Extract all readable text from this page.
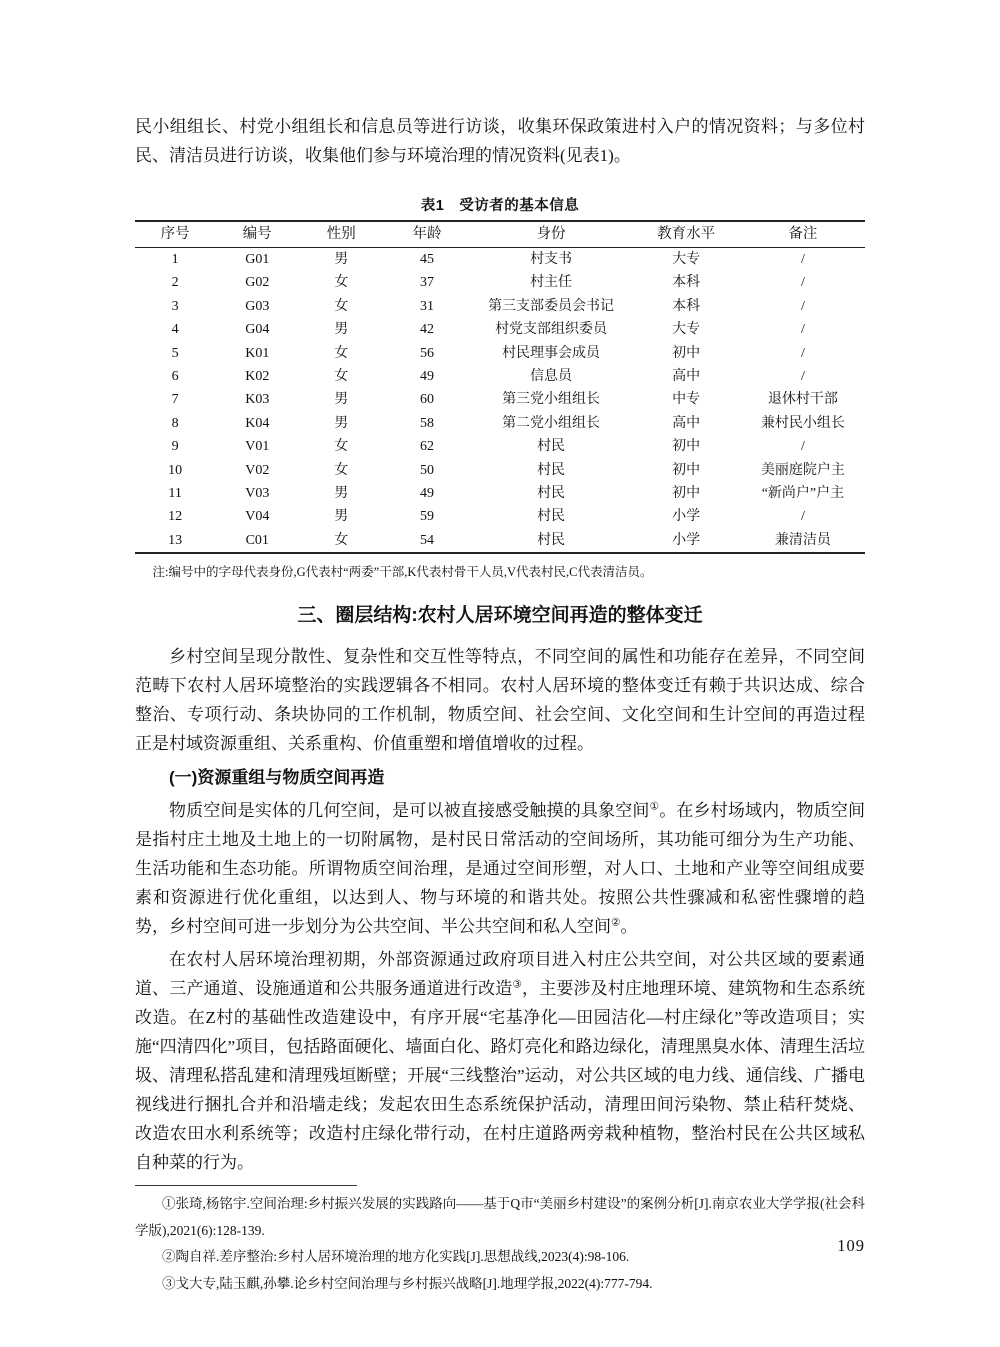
民小组组长、村党小组组长和信息员等进行访谈，收集环保政策进村入户的情况资料；与多位村民、清洁员进行访谈，收集他们参与环境治理的情况资料(见表1)。

表1　受访者的基本信息
序号	编号	性别	年龄	身份	教育水平	备注
1	G01	男	45	村支书	大专	/
2	G02	女	37	村主任	本科	/
3	G03	女	31	第三支部委员会书记	本科	/
4	G04	男	42	村党支部组织委员	大专	/
5	K01	女	56	村民理事会成员	初中	/
6	K02	女	49	信息员	高中	/
7	K03	男	60	第三党小组组长	中专	退休村干部
8	K04	男	58	第二党小组组长	高中	兼村民小组长
9	V01	女	62	村民	初中	/
10	V02	女	50	村民	初中	美丽庭院户主
11	V03	男	49	村民	初中	“新尚户”户主
12	V04	男	59	村民	小学	/
13	C01	女	54	村民	小学	兼清洁员

注:编号中的字母代表身份,G代表村“两委”干部,K代表村骨干人员,V代表村民,C代表清洁员。

三、圈层结构:农村人居环境空间再造的整体变迁

乡村空间呈现分散性、复杂性和交互性等特点，不同空间的属性和功能存在差异，不同空间范畴下农村人居环境整治的实践逻辑各不相同。农村人居环境的整体变迁有赖于共识达成、综合整治、专项行动、条块协同的工作机制，物质空间、社会空间、文化空间和生计空间的再造过程正是村域资源重组、关系重构、价值重塑和增值增收的过程。

(一)资源重组与物质空间再造

物质空间是实体的几何空间，是可以被直接感受触摸的具象空间①。在乡村场域内，物质空间是指村庄土地及土地上的一切附属物，是村民日常活动的空间场所，其功能可细分为生产功能、生活功能和生态功能。所谓物质空间治理，是通过空间形塑，对人口、土地和产业等空间组成要素和资源进行优化重组，以达到人、物与环境的和谐共处。按照公共性骤减和私密性骤增的趋势，乡村空间可进一步划分为公共空间、半公共空间和私人空间②。

在农村人居环境治理初期，外部资源通过政府项目进入村庄公共空间，对公共区域的要素通道、三产通道、设施通道和公共服务通道进行改造③，主要涉及村庄地理环境、建筑物和生态系统改造。在Z村的基础性改造建设中，有序开展“宅基净化—田园洁化—村庄绿化”等改造项目；实施“四清四化”项目，包括路面硬化、墙面白化、路灯亮化和路边绿化，清理黑臭水体、清理生活垃圾、清理私搭乱建和清理残垣断壁；开展“三线整治”运动，对公共区域的电力线、通信线、广播电视线进行捆扎合并和沿墙走线；发起农田生态系统保护活动，清理田间污染物、禁止秸秆焚烧、改造农田水利系统等；改造村庄绿化带行动，在村庄道路两旁栽种植物，整治村民在公共区域私自种菜的行为。

①张琦,杨铭宇.空间治理:乡村振兴发展的实践路向——基于Q市“美丽乡村建设”的案例分析[J].南京农业大学学报(社会科学版),2021(6):128-139.

②陶自祥.差序整治:乡村人居环境治理的地方化实践[J].思想战线,2023(4):98-106.

③戈大专,陆玉麒,孙攀.论乡村空间治理与乡村振兴战略[J].地理学报,2022(4):777-794.

109
